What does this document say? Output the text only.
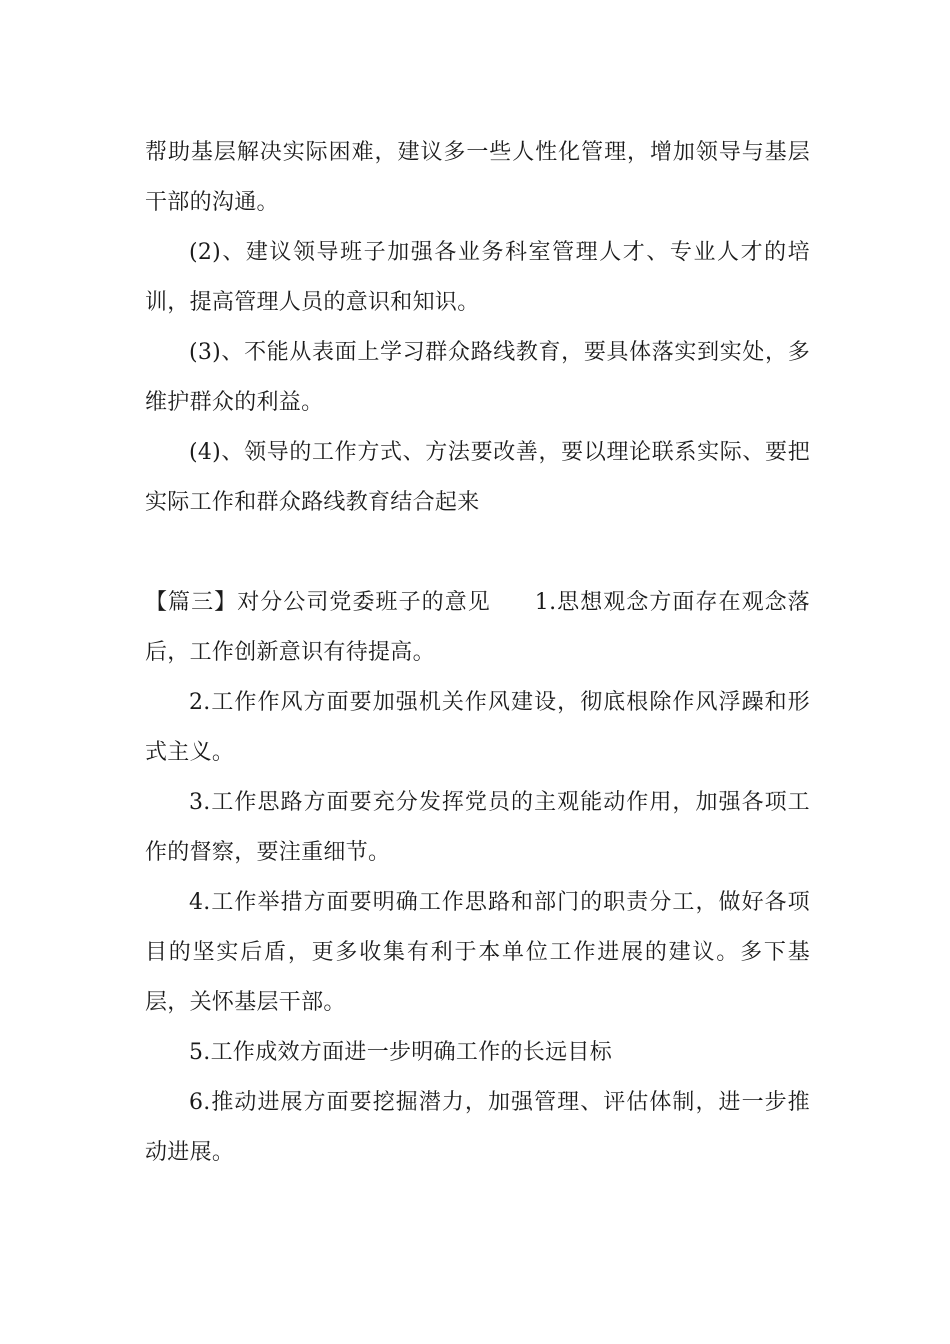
帮助基层解决实际困难，建议多一些人性化管理，增加领导与基层干部的沟通。

(2)、建议领导班子加强各业务科室管理人才、专业人才的培训，提高管理人员的意识和知识。

(3)、不能从表面上学习群众路线教育，要具体落实到实处，多维护群众的利益。

(4)、领导的工作方式、方法要改善，要以理论联系实际、要把实际工作和群众路线教育结合起来

【篇三】对分公司党委班子的意见 1.思想观念方面存在观念落后，工作创新意识有待提高。

2.工作作风方面要加强机关作风建设，彻底根除作风浮躁和形式主义。

3.工作思路方面要充分发挥党员的主观能动作用，加强各项工作的督察，要注重细节。

4.工作举措方面要明确工作思路和部门的职责分工，做好各项目的坚实后盾，更多收集有利于本单位工作进展的建议。多下基层，关怀基层干部。

5.工作成效方面进一步明确工作的长远目标

6.推动进展方面要挖掘潜力，加强管理、评估体制，进一步推动进展。
